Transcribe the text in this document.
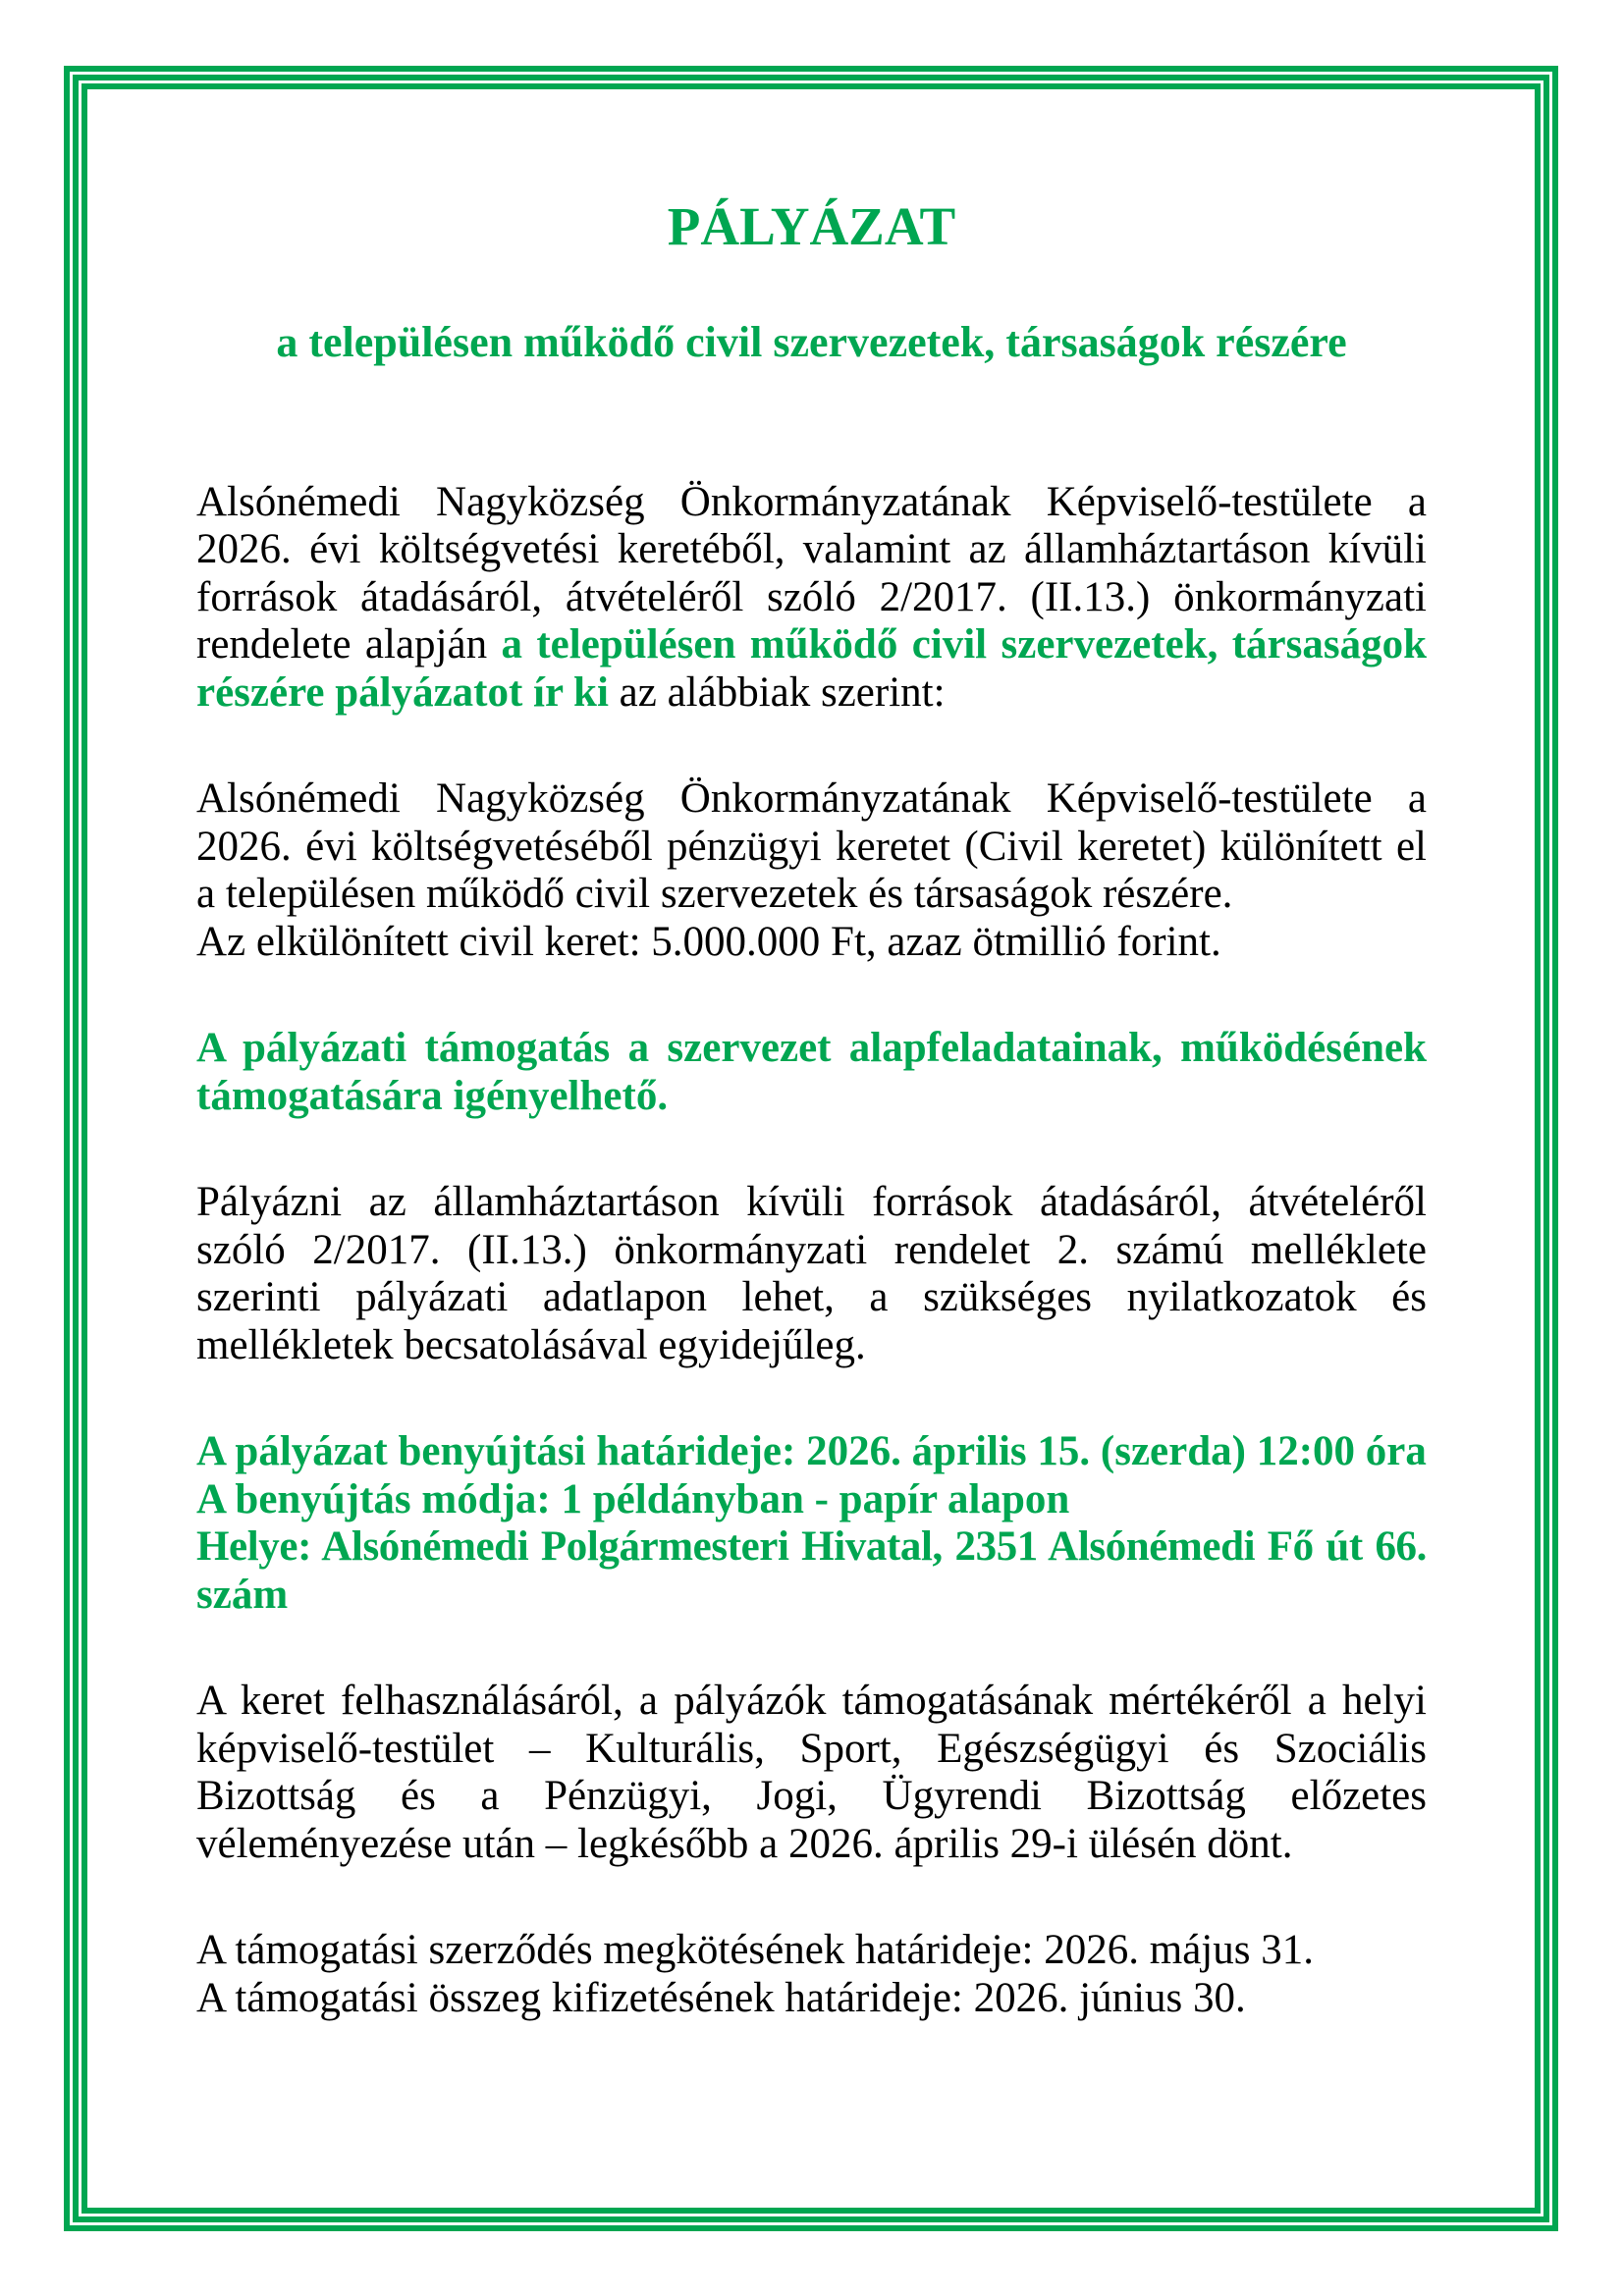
PÁLYÁZAT
a településen működő civil szervezetek, társaságok részére
Alsónémedi Nagyközség Önkormányzatának Képviselő-testülete a
2026. évi költségvetési keretéből, valamint az államháztartáson kívüli
források átadásáról, átvételéről szóló 2/2017. (II.13.) önkormányzati
rendelete alapján a településen működő civil szervezetek, társaságok
részére pályázatot ír ki az alábbiak szerint:
Alsónémedi Nagyközség Önkormányzatának Képviselő-testülete a
2026. évi költségvetéséből pénzügyi keretet (Civil keretet) különített el
a településen működő civil szervezetek és társaságok részére.
Az elkülönített civil keret: 5.000.000 Ft, azaz ötmillió forint.
A pályázati támogatás a szervezet alapfeladatainak, működésének
támogatására igényelhető.
Pályázni az államháztartáson kívüli források átadásáról, átvételéről
szóló 2/2017. (II.13.) önkormányzati rendelet 2. számú melléklete
szerinti pályázati adatlapon lehet, a szükséges nyilatkozatok és
mellékletek becsatolásával egyidejűleg.
A pályázat benyújtási határideje: 2026. április 15. (szerda) 12:00 óra
A benyújtás módja: 1 példányban - papír alapon
Helye: Alsónémedi Polgármesteri Hivatal, 2351 Alsónémedi Fő út 66.
szám
A keret felhasználásáról, a pályázók támogatásának mértékéről a helyi
képviselő-testület – Kulturális, Sport, Egészségügyi és Szociális
Bizottság és a Pénzügyi, Jogi, Ügyrendi Bizottság előzetes
véleményezése után – legkésőbb a 2026. április 29-i ülésén dönt.
A támogatási szerződés megkötésének határideje: 2026. május 31.
A támogatási összeg kifizetésének határideje: 2026. június 30.
